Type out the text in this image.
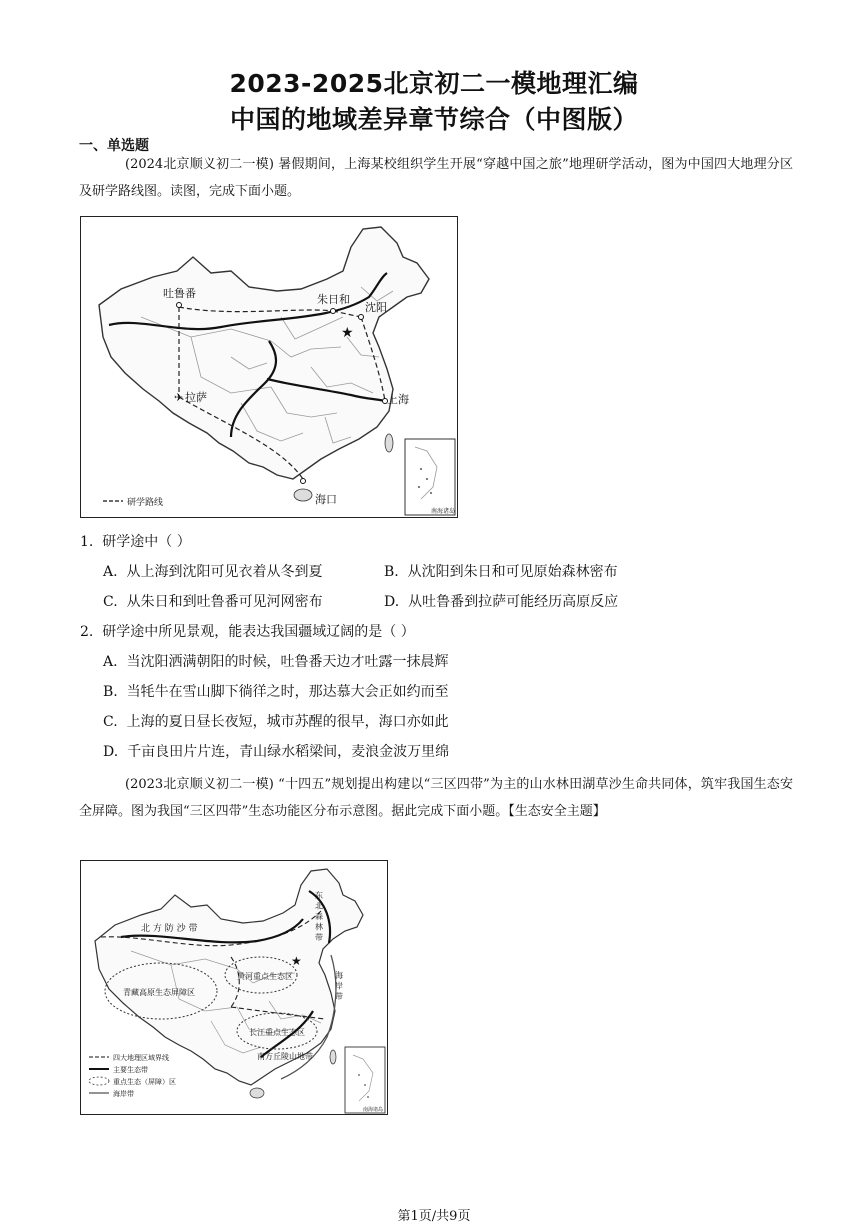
2023-2025北京初二一模地理汇编
中国的地域差异章节综合（中图版）
一、单选题
(2024北京顺义初二一模) 暑假期间，上海某校组织学生开展“穿越中国之旅”地理研学活动，图为中国四大地理分区及研学路线图。读图，完成下面小题。
★
✈
吐鲁番	朱日和
沈阳
拉萨	上海
海口
研学路线
南海诸岛
1. 研学途中（ ）
A.  从上海到沈阳可见衣着从冬到夏	B.  从沈阳到朱日和可见原始森林密布
C.  从朱日和到吐鲁番可见河网密布	D.  从吐鲁番到拉萨可能经历高原反应
2. 研学途中所见景观，能表达我国疆域辽阔的是（ ）
A.  当沈阳洒满朝阳的时候，吐鲁番天边才吐露一抹晨辉
B.  当牦牛在雪山脚下徜徉之时，那达慕大会正如约而至
C.  上海的夏日昼长夜短，城市苏醒的很早，海口亦如此
D.  千亩良田片片连，青山绿水稻梁间，麦浪金波万里绵
(2023北京顺义初二一模) “十四五”规划提出构建以“三区四带”为主的山水林田湖草沙生命共同体，筑牢我国生态安全屏障。图为我国“三区四带”生态功能区分布示意图。据此完成下面小题。【生态安全主题】
★
北 方 防 沙 带	东 北 森 林 带
青藏高原生态屏障区
黄河重点生态区
长江重点生态区
南方丘陵山地带
海 岸 带
四大地理区域界线
主要生态带
重点生态（屏障）区
海岸带
南海诸岛
第1页/共9页
